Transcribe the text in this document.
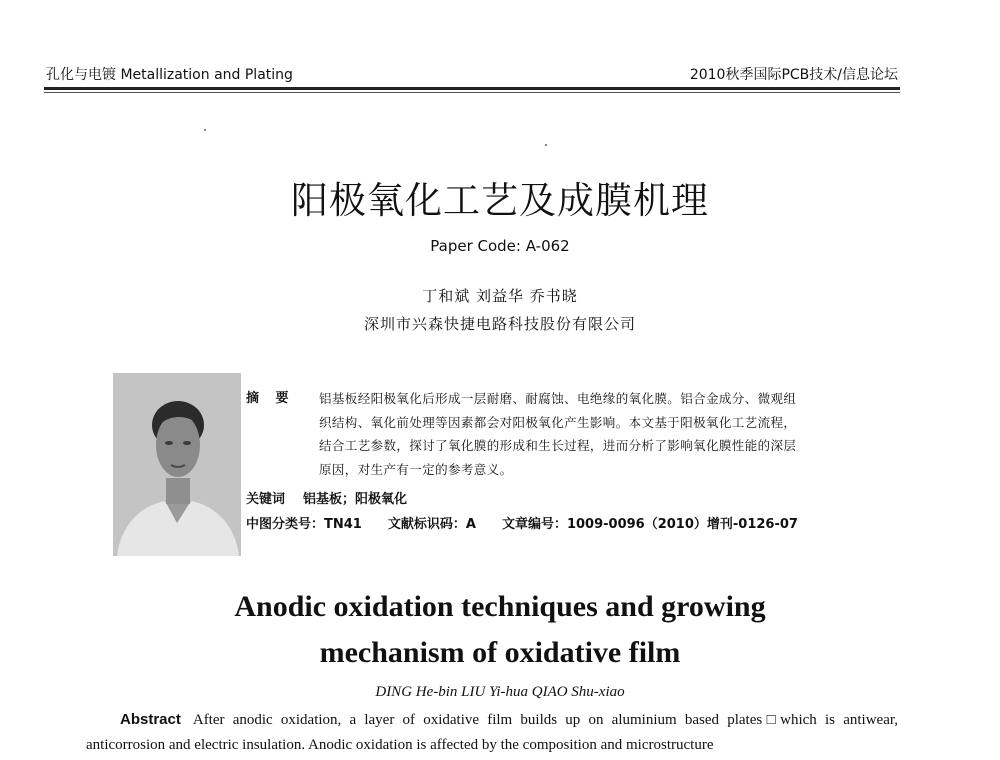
孔化与电镀 Metallization and Plating	2010秋季国际PCB技术/信息论坛
阳极氧化工艺及成膜机理
Paper Code: A-062
丁和斌 刘益华 乔书晓
深圳市兴森快捷电路科技股份有限公司
摘 要 铝基板经阳极氧化后形成一层耐磨、耐腐蚀、电绝缘的氧化膜。铝合金成分、微观组
织结构、氧化前处理等因素都会对阳极氧化产生影响。本文基于阳极氧化工艺流程，
结合工艺参数，探讨了氧化膜的形成和生长过程，进而分析了影响氧化膜性能的深层
原因，对生产有一定的参考意义。
关键词 铝基板；阳极氧化
中图分类号：TN41 文献标识码：A 文章编号：1009-0096（2010）增刊-0126-07
Anodic oxidation techniques and growing
mechanism of oxidative film
DING He-bin LIU Yi-hua QIAO Shu-xiao
Abstract After anodic oxidation, a layer of oxidative film builds up on aluminium based plates□which is antiwear, anticorrosion and electric insulation. Anodic oxidation is affected by the composition and microstructure
